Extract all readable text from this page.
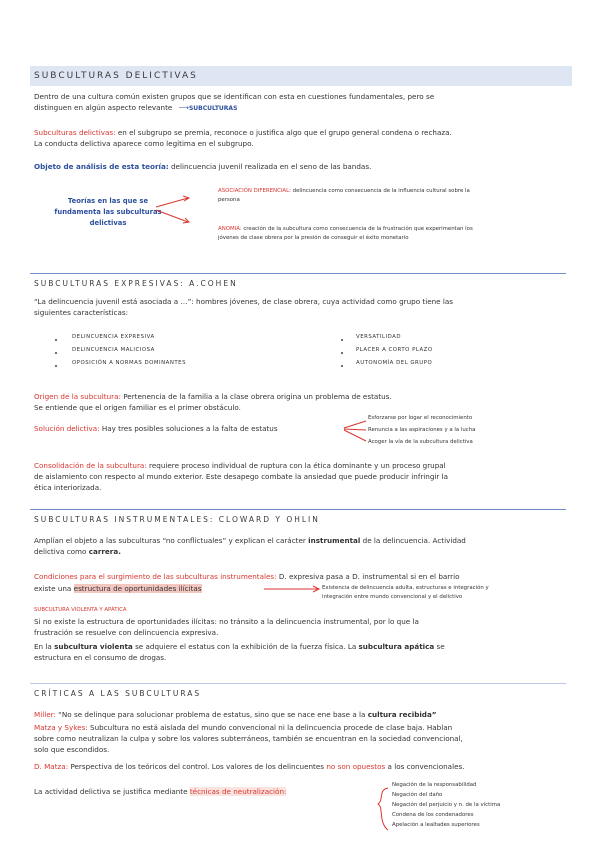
SUBCULTURAS DELICTIVAS
Dentro de una cultura común existen grupos que se identifican con esta en cuestiones fundamentales, pero se
distinguen en algún aspecto relevante ⟶SUBCULTURAS
Subculturas delictivas: en el subgrupo se premia, reconoce o justifica algo que el grupo general condena o rechaza.
La conducta delictiva aparece como legítima en el subgrupo.
Objeto de análisis de esta teoría: delincuencia juvenil realizada en el seno de las bandas.
Teorías en las que se fundamenta las subculturas delictivas
ASOCIACIÓN DIFERENCIAL: delincuencia como consecuencia de la influencia cultural sobre la
persona
ANOMIA: creación de la subcultura como consecuencia de la frustración que experimentan los
jóvenes de clase obrera por la presión de conseguir el éxito monetario
SUBCULTURAS EXPRESIVAS: A.COHEN
“La delincuencia juvenil está asociada a …”: hombres jóvenes, de clase obrera, cuya actividad como grupo tiene las
siguientes características:
DELINCUENCIA EXPRESIVA
DELINCUENCIA MALICIOSA
OPOSICIÓN A NORMAS DOMINANTES
VERSATILIDAD
PLACER A CORTO PLAZO
AUTONOMÍA DEL GRUPO
Origen de la subcultura: Pertenencia de la familia a la clase obrera origina un problema de estatus.
Se entiende que el origen familiar es el primer obstáculo.
Solución delictiva: Hay tres posibles soluciones a la falta de estatus
Esforzarse por logar el reconocimiento
Renuncia a las aspiraciones y a la lucha
Acoger la vía de la subcultura delictiva
Consolidación de la subcultura: requiere proceso individual de ruptura con la ética dominante y un proceso grupal
de aislamiento con respecto al mundo exterior. Este desapego combate la ansiedad que puede producir infringir la
ética interiorizada.
SUBCULTURAS INSTRUMENTALES: CLOWARD Y OHLIN
Amplían el objeto a las subculturas “no conflictuales” y explican el carácter instrumental de la delincuencia. Actividad
delictiva como carrera.
Condiciones para el surgimiento de las subculturas instrumentales: D. expresiva pasa a D. instrumental si en el barrio
existe una estructura de oportunidades ilícitas	Existencia de delincuencia adulta, estructuras e integración y
integración entre mundo convencional y el delictivo
SUBCULTURA VIOLENTA Y APÁTICA
Si no existe la estructura de oportunidades ilícitas: no tránsito a la delincuencia instrumental, por lo que la
frustración se resuelve con delincuencia expresiva.
En la subcultura violenta se adquiere el estatus con la exhibición de la fuerza física. La subcultura apática se
estructura en el consumo de drogas.
CRÍTICAS A LAS SUBCULTURAS
Miller: “No se delinque para solucionar problema de estatus, sino que se nace ene base a la cultura recibida”
Matza y Sykes: Subcultura no está aislada del mundo convencional ni la delincuencia procede de clase baja. Hablan
sobre como neutralizan la culpa y sobre los valores subterráneos, también se encuentran en la sociedad convencional,
solo que escondidos.
D. Matza: Perspectiva de los teóricos del control. Los valores de los delincuentes no son opuestos a los convencionales.
La actividad delictiva se justifica mediante técnicas de neutralización:
Negación de la responsabilidad
Negación del daño
Negación del perjuicio y n. de la víctima
Condena de los condenadores
Apelación a lealtades superiores
